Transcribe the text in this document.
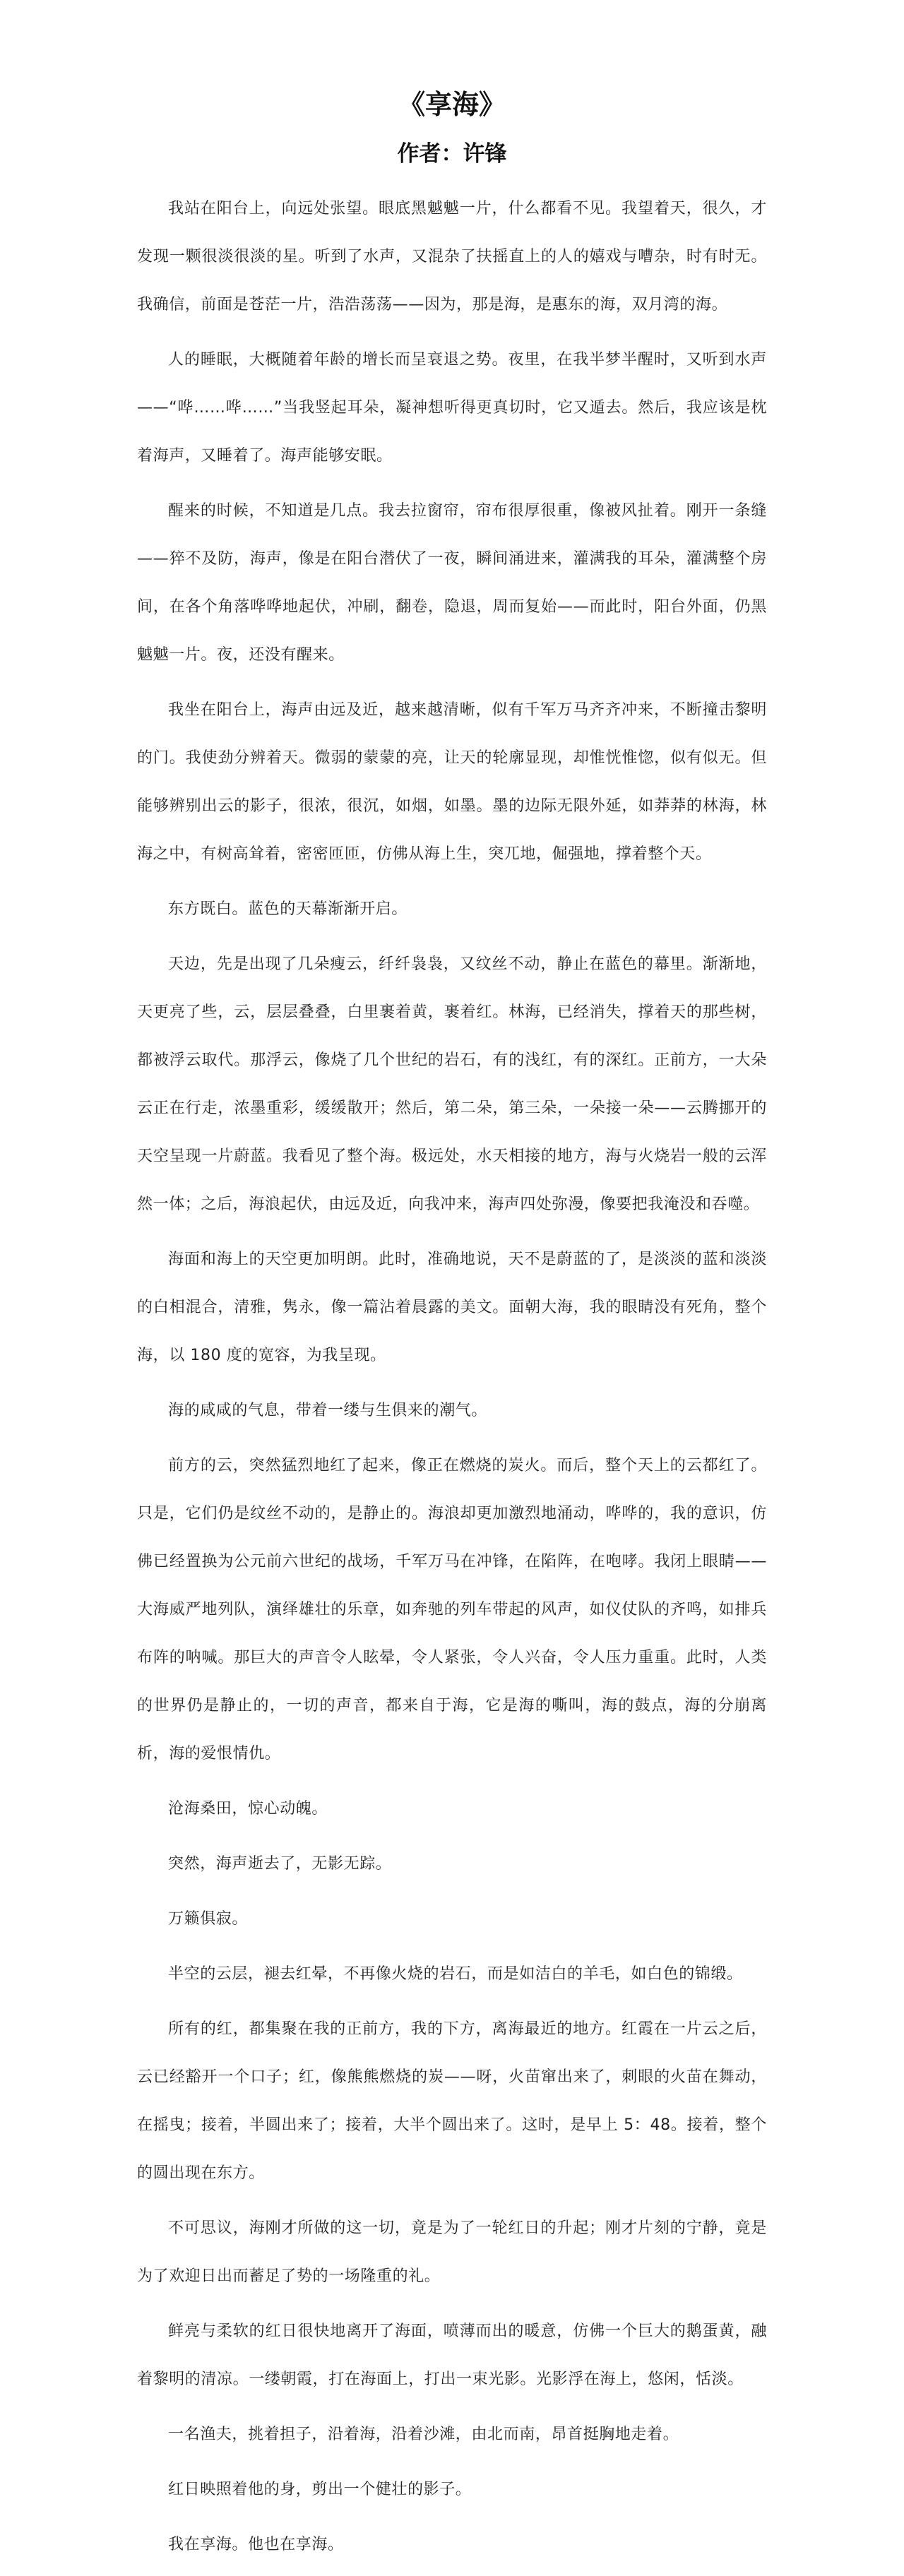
《享海》
作者：许锋

我站在阳台上，向远处张望。眼底黑魆魆一片，什么都看不见。我望着天，很久，才发现一颗很淡很淡的星。听到了水声，又混杂了扶摇直上的人的嬉戏与嘈杂，时有时无。我确信，前面是苍茫一片，浩浩荡荡——因为，那是海，是惠东的海，双月湾的海。

人的睡眠，大概随着年龄的增长而呈衰退之势。夜里，在我半梦半醒时，又听到水声——“哗……哗……”当我竖起耳朵，凝神想听得更真切时，它又遁去。然后，我应该是枕着海声，又睡着了。海声能够安眠。

醒来的时候，不知道是几点。我去拉窗帘，帘布很厚很重，像被风扯着。刚开一条缝——猝不及防，海声，像是在阳台潜伏了一夜，瞬间涌进来，灌满我的耳朵，灌满整个房间，在各个角落哗哗地起伏，冲刷，翻卷，隐退，周而复始——而此时，阳台外面，仍黑魆魆一片。夜，还没有醒来。

我坐在阳台上，海声由远及近，越来越清晰，似有千军万马齐齐冲来，不断撞击黎明的门。我使劲分辨着天。微弱的蒙蒙的亮，让天的轮廓显现，却惟恍惟惚，似有似无。但能够辨别出云的影子，很浓，很沉，如烟，如墨。墨的边际无限外延，如莽莽的林海，林海之中，有树高耸着，密密匝匝，仿佛从海上生，突兀地，倔强地，撑着整个天。

东方既白。蓝色的天幕渐渐开启。

天边，先是出现了几朵瘦云，纤纤袅袅，又纹丝不动，静止在蓝色的幕里。渐渐地，天更亮了些，云，层层叠叠，白里裹着黄，裹着红。林海，已经消失，撑着天的那些树，都被浮云取代。那浮云，像烧了几个世纪的岩石，有的浅红，有的深红。正前方，一大朵云正在行走，浓墨重彩，缓缓散开；然后，第二朵，第三朵，一朵接一朵——云腾挪开的天空呈现一片蔚蓝。我看见了整个海。极远处，水天相接的地方，海与火烧岩一般的云浑然一体；之后，海浪起伏，由远及近，向我冲来，海声四处弥漫，像要把我淹没和吞噬。

海面和海上的天空更加明朗。此时，准确地说，天不是蔚蓝的了，是淡淡的蓝和淡淡的白相混合，清雅，隽永，像一篇沾着晨露的美文。面朝大海，我的眼睛没有死角，整个海，以 180 度的宽容，为我呈现。

海的咸咸的气息，带着一缕与生俱来的潮气。

前方的云，突然猛烈地红了起来，像正在燃烧的炭火。而后，整个天上的云都红了。只是，它们仍是纹丝不动的，是静止的。海浪却更加激烈地涌动，哗哗的，我的意识，仿佛已经置换为公元前六世纪的战场，千军万马在冲锋，在陷阵，在咆哮。我闭上眼睛——大海威严地列队，演绎雄壮的乐章，如奔驰的列车带起的风声，如仪仗队的齐鸣，如排兵布阵的呐喊。那巨大的声音令人眩晕，令人紧张，令人兴奋，令人压力重重。此时，人类的世界仍是静止的，一切的声音，都来自于海，它是海的嘶叫，海的鼓点，海的分崩离析，海的爱恨情仇。

沧海桑田，惊心动魄。

突然，海声逝去了，无影无踪。

万籁俱寂。

半空的云层，褪去红晕，不再像火烧的岩石，而是如洁白的羊毛，如白色的锦缎。

所有的红，都集聚在我的正前方，我的下方，离海最近的地方。红霞在一片云之后，云已经豁开一个口子；红，像熊熊燃烧的炭——呀，火苗窜出来了，刺眼的火苗在舞动，在摇曳；接着，半圆出来了；接着，大半个圆出来了。这时，是早上 5：48。接着，整个的圆出现在东方。

不可思议，海刚才所做的这一切，竟是为了一轮红日的升起；刚才片刻的宁静，竟是为了欢迎日出而蓄足了势的一场隆重的礼。

鲜亮与柔软的红日很快地离开了海面，喷薄而出的暖意，仿佛一个巨大的鹅蛋黄，融着黎明的清凉。一缕朝霞，打在海面上，打出一束光影。光影浮在海上，悠闲，恬淡。

一名渔夫，挑着担子，沿着海，沿着沙滩，由北而南，昂首挺胸地走着。

红日映照着他的身，剪出一个健壮的影子。

我在享海。他也在享海。
